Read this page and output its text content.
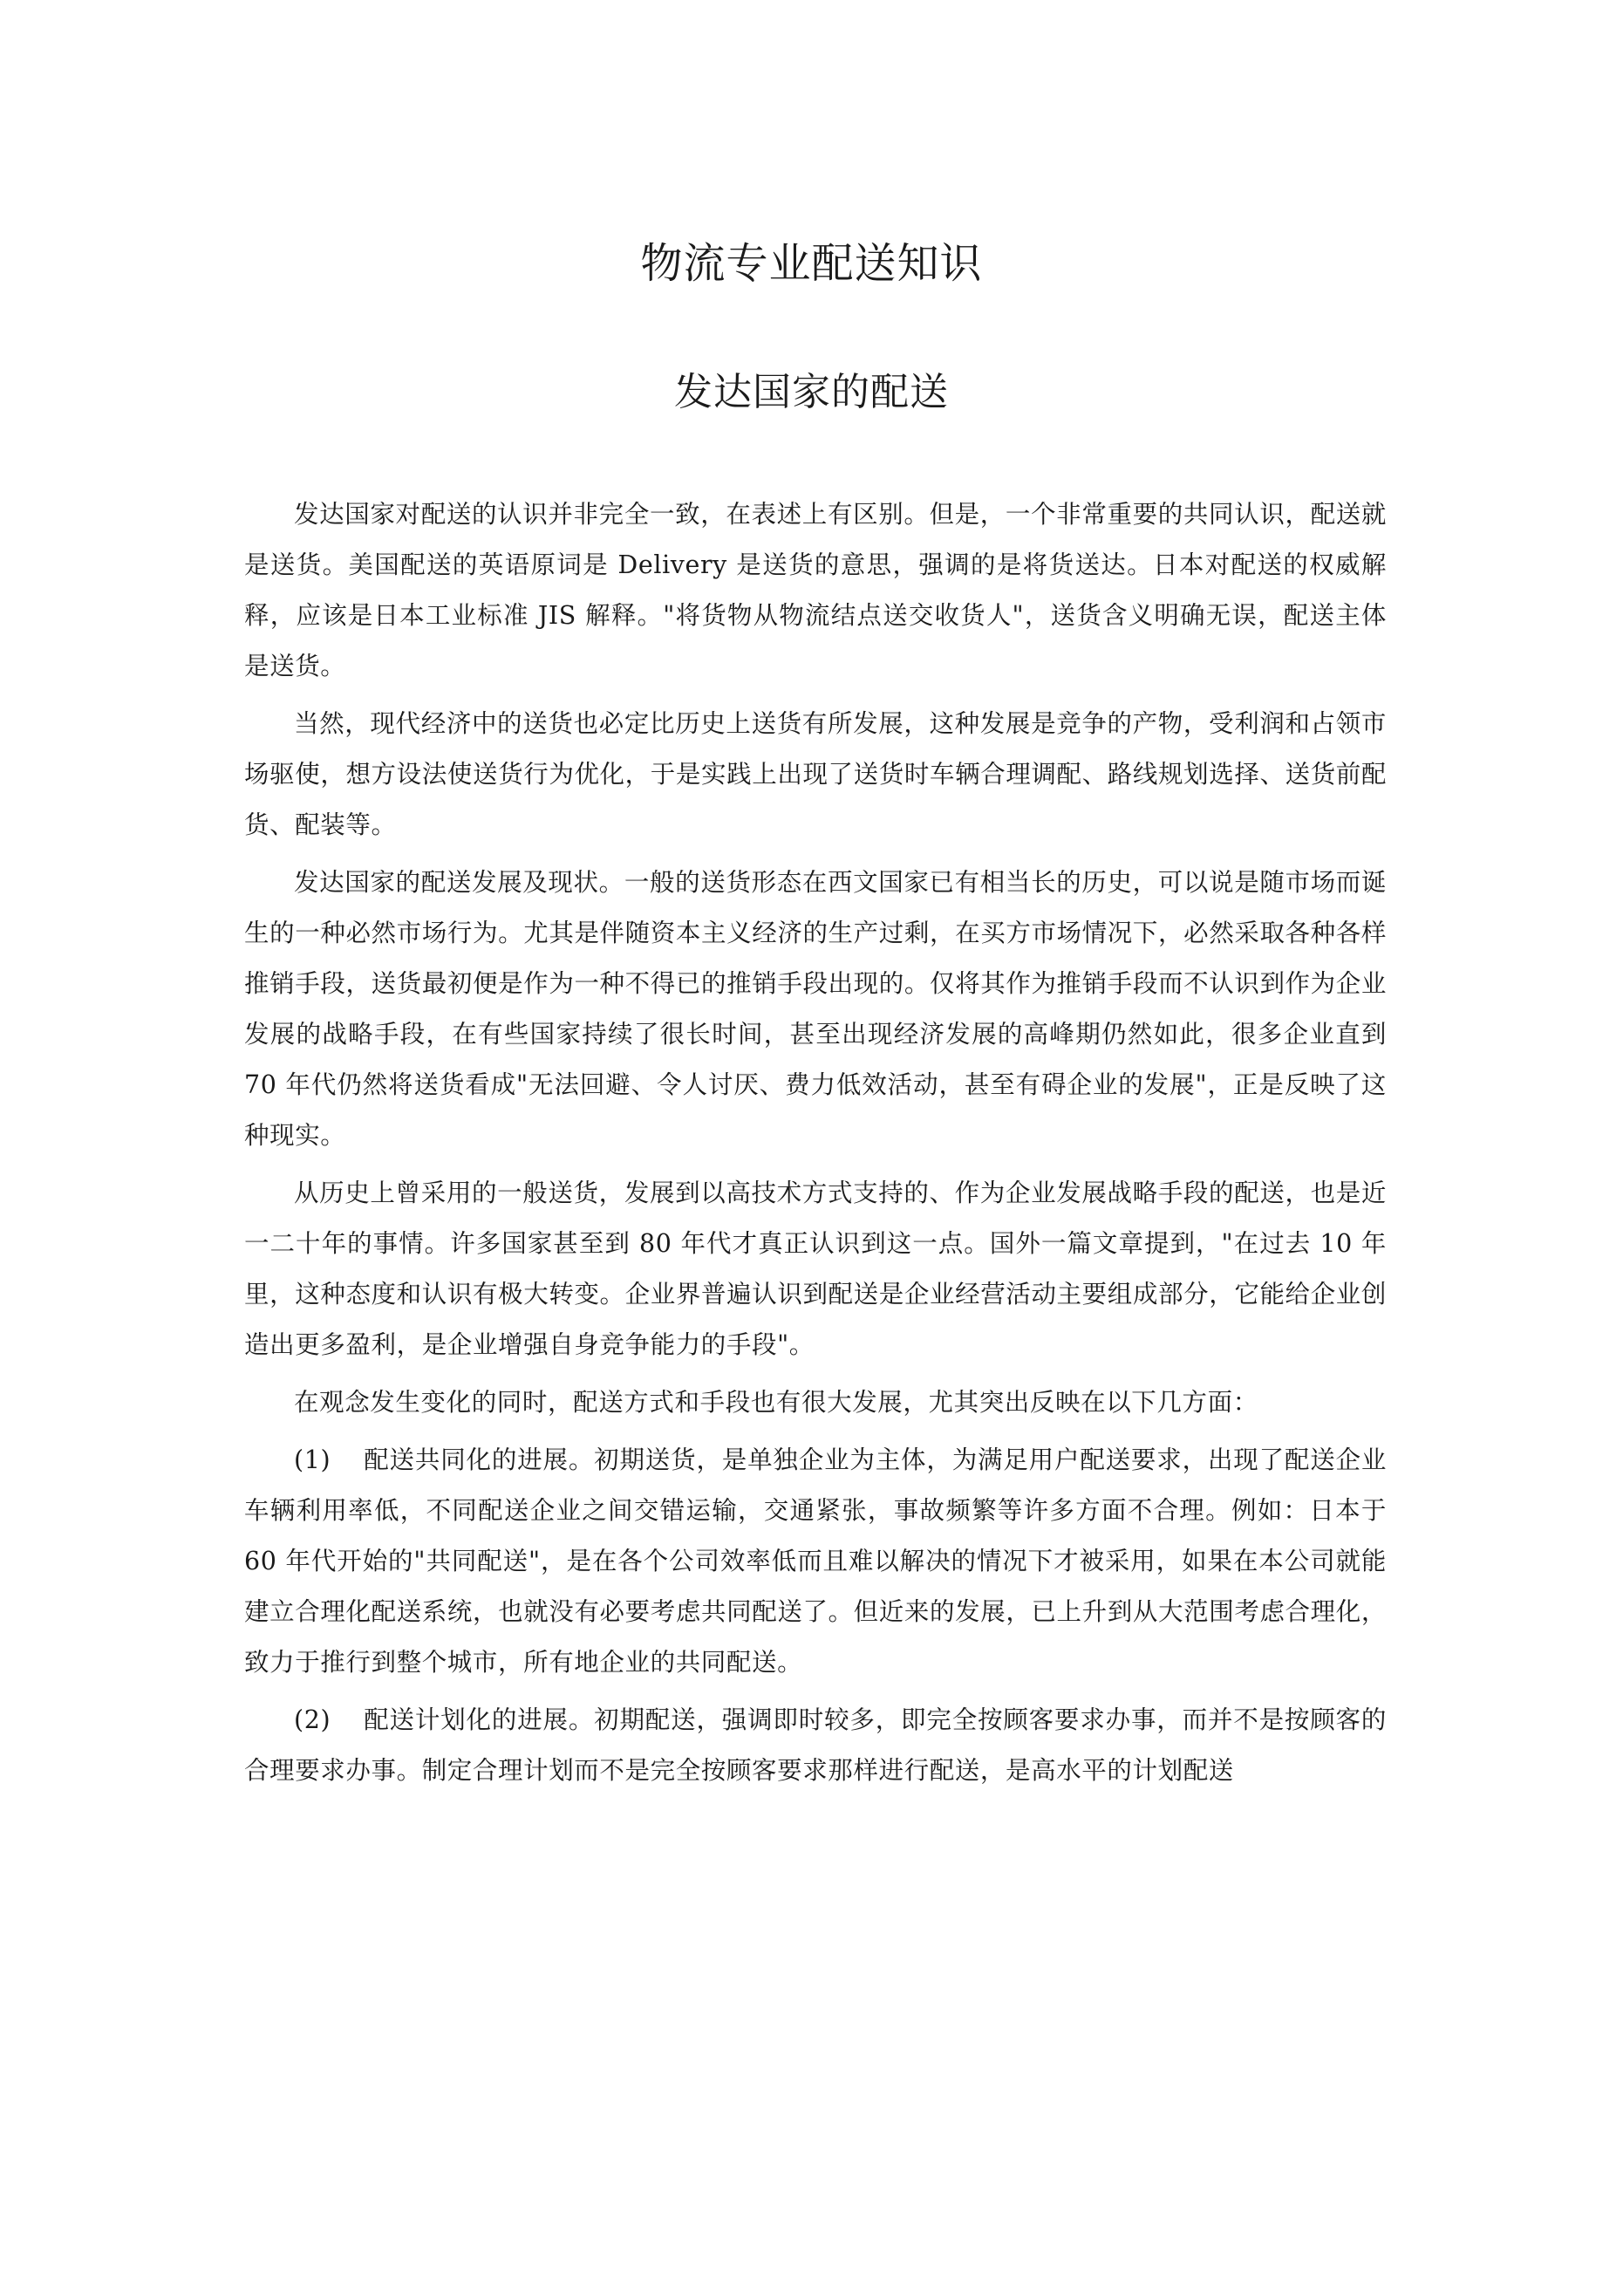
物流专业配送知识
发达国家的配送

发达国家对配送的认识并非完全一致，在表述上有区别。但是，一个非常重要的共同认识，配送就是送货。美国配送的英语原词是 Delivery 是送货的意思，强调的是将货送达。日本对配送的权威解释，应该是日本工业标准 JIS 解释。"将货物从物流结点送交收货人"，送货含义明确无误，配送主体是送货。

当然，现代经济中的送货也必定比历史上送货有所发展，这种发展是竞争的产物，受利润和占领市场驱使，想方设法使送货行为优化，于是实践上出现了送货时车辆合理调配、路线规划选择、送货前配货、配装等。

发达国家的配送发展及现状。一般的送货形态在西文国家已有相当长的历史，可以说是随市场而诞生的一种必然市场行为。尤其是伴随资本主义经济的生产过剩，在买方市场情况下，必然采取各种各样推销手段，送货最初便是作为一种不得已的推销手段出现的。仅将其作为推销手段而不认识到作为企业发展的战略手段，在有些国家持续了很长时间，甚至出现经济发展的高峰期仍然如此，很多企业直到 70 年代仍然将送货看成"无法回避、令人讨厌、费力低效活动，甚至有碍企业的发展"，正是反映了这种现实。

从历史上曾采用的一般送货，发展到以高技术方式支持的、作为企业发展战略手段的配送，也是近一二十年的事情。许多国家甚至到 80 年代才真正认识到这一点。国外一篇文章提到，"在过去 10 年里，这种态度和认识有极大转变。企业界普遍认识到配送是企业经营活动主要组成部分，它能给企业创造出更多盈利，是企业增强自身竞争能力的手段"。

在观念发生变化的同时，配送方式和手段也有很大发展，尤其突出反映在以下几方面：

(1) 配送共同化的进展。初期送货，是单独企业为主体，为满足用户配送要求，出现了配送企业车辆利用率低，不同配送企业之间交错运输，交通紧张，事故频繁等许多方面不合理。例如：日本于 60 年代开始的"共同配送"，是在各个公司效率低而且难以解决的情况下才被采用，如果在本公司就能建立合理化配送系统，也就没有必要考虑共同配送了。但近来的发展，已上升到从大范围考虑合理化，致力于推行到整个城市，所有地企业的共同配送。

(2) 配送计划化的进展。初期配送，强调即时较多，即完全按顾客要求办事，而并不是按顾客的合理要求办事。制定合理计划而不是完全按顾客要求那样进行配送，是高水平的计划配送
